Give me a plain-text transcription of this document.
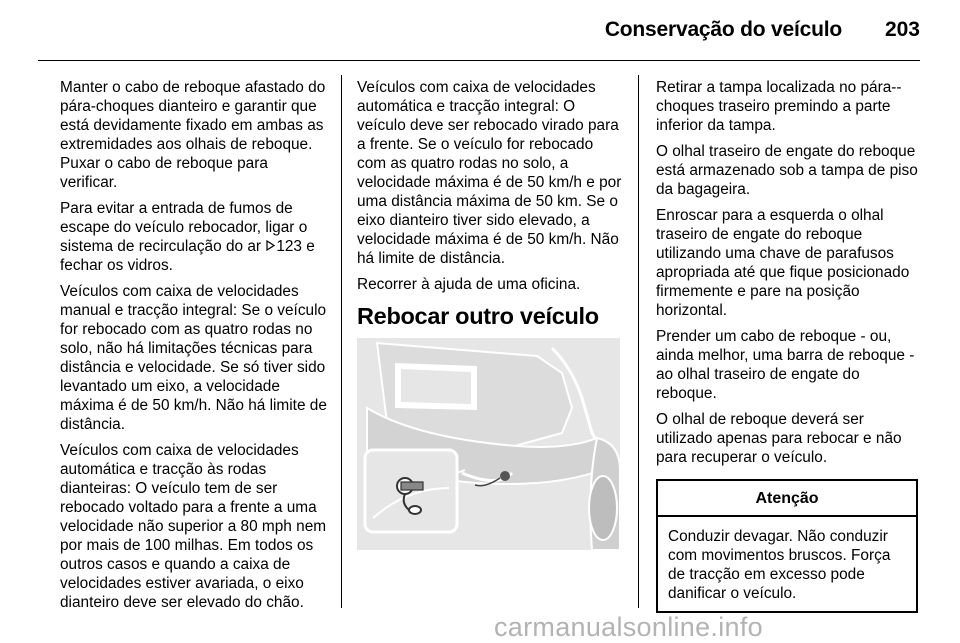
Conservação do veículo 203

Manter o cabo de reboque afastado do pára-choques dianteiro e garantir que está devidamente fixado em ambas as extremidades aos olhais de reboque. Puxar o cabo de reboque para verificar.

Para evitar a entrada de fumos de escape do veículo rebocador, ligar o sistema de recirculação do ar 123 e fechar os vidros.

Veículos com caixa de velocidades manual e tracção integral: Se o veículo for rebocado com as quatro rodas no solo, não há limitações técnicas para distância e velocidade. Se só tiver sido levantado um eixo, a velocidade máxima é de 50 km/h. Não há limite de distância.

Veículos com caixa de velocidades automática e tracção às rodas dianteiras: O veículo tem de ser rebocado voltado para a frente a uma velocidade não superior a 80 mph nem por mais de 100 milhas. Em todos os outros casos e quando a caixa de velocidades estiver avariada, o eixo dianteiro deve ser elevado do chão.

Veículos com caixa de velocidades automática e tracção integral: O veículo deve ser rebocado virado para a frente. Se o veículo for rebocado com as quatro rodas no solo, a velocidade máxima é de 50 km/h e por uma distância máxima de 50 km. Se o eixo dianteiro tiver sido elevado, a velocidade máxima é de 50 km/h. Não há limite de distância.

Recorrer à ajuda de uma oficina.

Rebocar outro veículo

Retirar a tampa localizada no pára--choques traseiro premindo a parte inferior da tampa.

O olhal traseiro de engate do reboque está armazenado sob a tampa de piso da bagageira.

Enroscar para a esquerda o olhal traseiro de engate do reboque utilizando uma chave de parafusos apropriada até que fique posicionado firmemente e pare na posição horizontal.

Prender um cabo de reboque - ou, ainda melhor, uma barra de reboque - ao olhal traseiro de engate do reboque.

O olhal de reboque deverá ser utilizado apenas para rebocar e não para recuperar o veículo.

Atenção
Conduzir devagar. Não conduzir com movimentos bruscos. Força de tracção em excesso pode danificar o veículo.
carmanualsonline.info
